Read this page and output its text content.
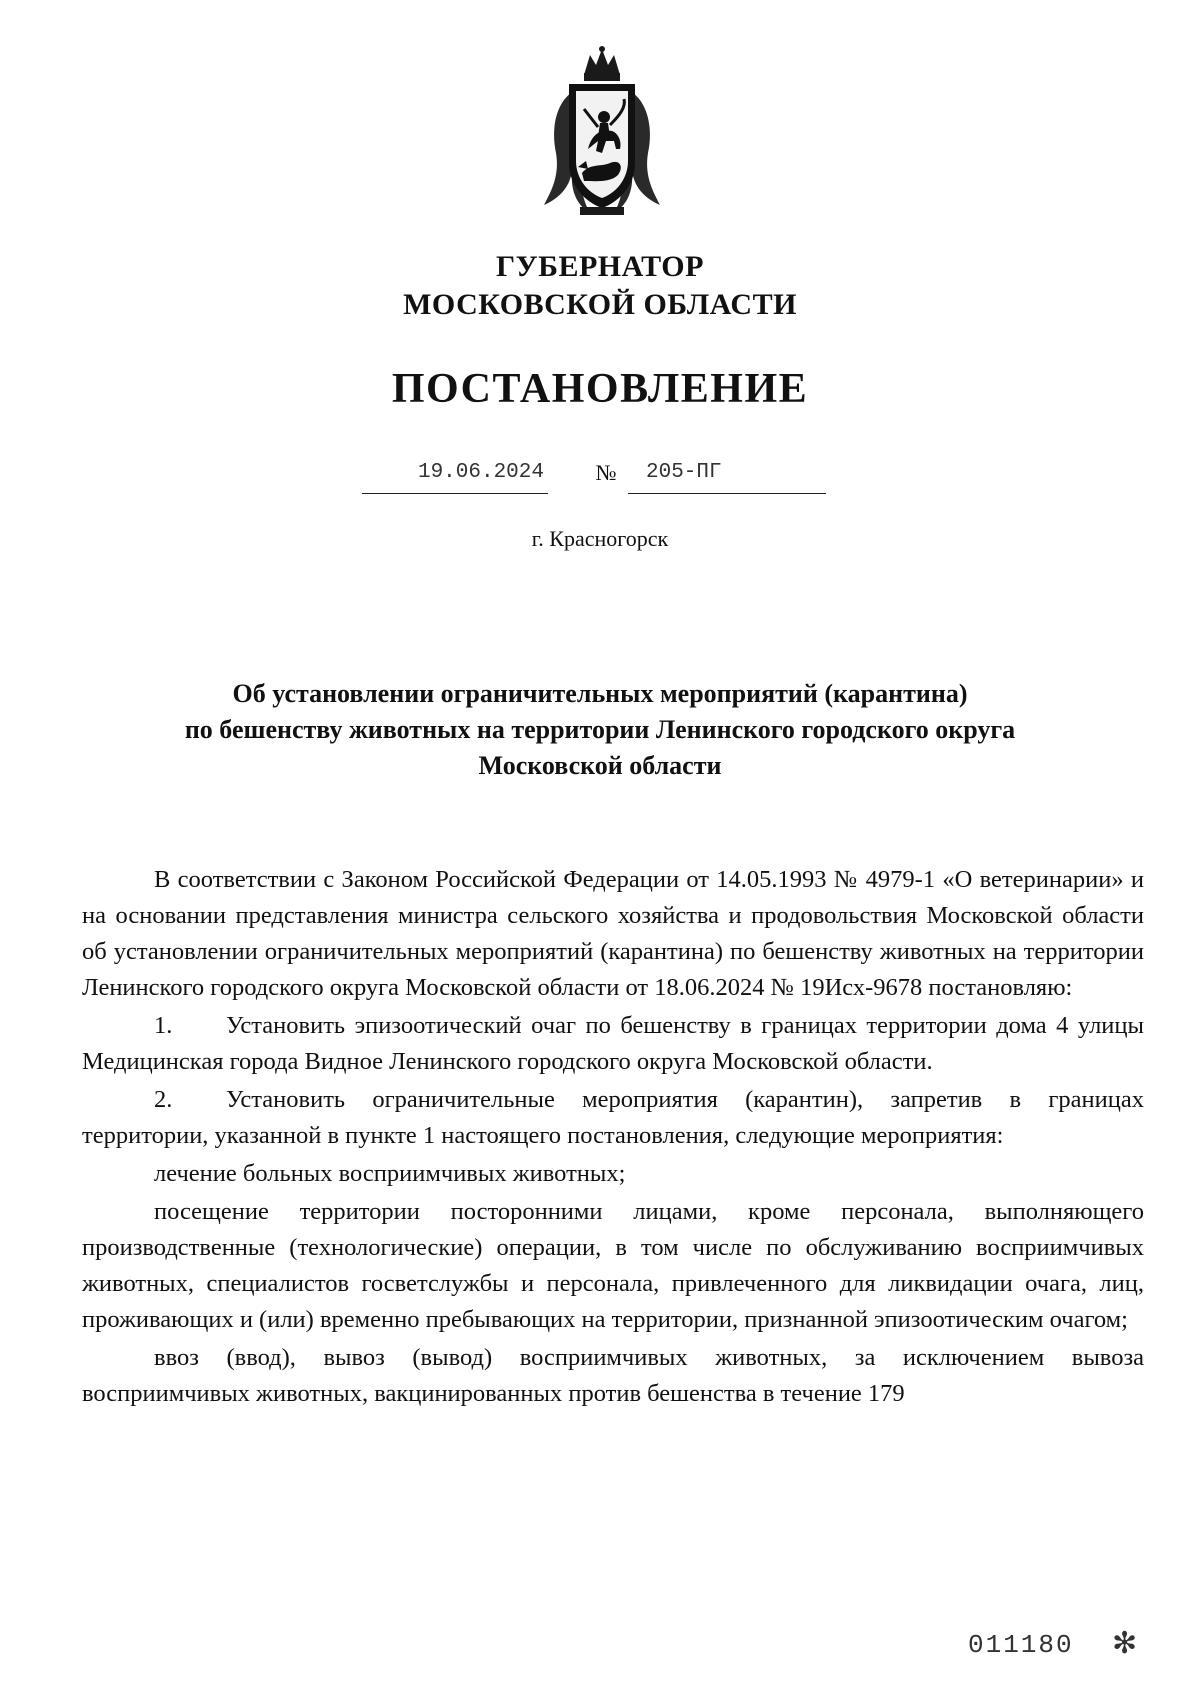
ГУБЕРНАТОР
МОСКОВСКОЙ ОБЛАСТИ
ПОСТАНОВЛЕНИЕ
19.06.2024	№	205-ПГ
г. Красногорск
Об установлении ограничительных мероприятий (карантина)
по бешенству животных на территории Ленинского городского округа
Московской области

В соответствии с Законом Российской Федерации от 14.05.1993 № 4979-1 «О ветеринарии» и на основании представления министра сельского хозяйства и продовольствия Московской области об установлении ограничительных мероприятий (карантина) по бешенству животных на территории Ленинского городского округа Московской области от 18.06.2024 № 19Исх-9678 постановляю:

1. Установить эпизоотический очаг по бешенству в границах территории дома 4 улицы Медицинская города Видное Ленинского городского округа Московской области.

2. Установить ограничительные мероприятия (карантин), запретив в границах территории, указанной в пункте 1 настоящего постановления, следующие мероприятия:

лечение больных восприимчивых животных;

посещение территории посторонними лицами, кроме персонала, выполняющего производственные (технологические) операции, в том числе по обслуживанию восприимчивых животных, специалистов госветслужбы и персонала, привлеченного для ликвидации очага, лиц, проживающих и (или) временно пребывающих на территории, признанной эпизоотическим очагом;

ввоз (ввод), вывоз (вывод) восприимчивых животных, за исключением вывоза восприимчивых животных, вакцинированных против бешенства в течение 179

011180 ✻
